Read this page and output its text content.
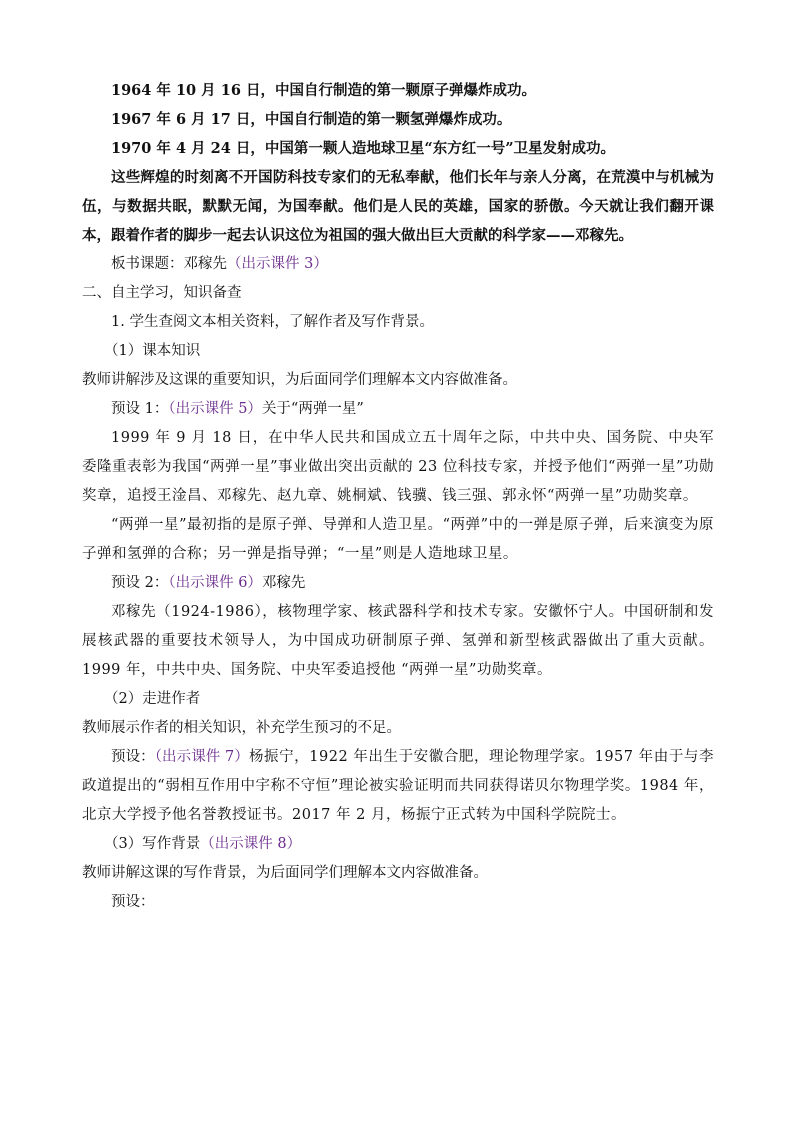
1964 年 10 月 16 日，中国自行制造的第一颗原子弹爆炸成功。

1967 年 6 月 17 日，中国自行制造的第一颗氢弹爆炸成功。

1970 年 4 月 24 日，中国第一颗人造地球卫星“东方红一号”卫星发射成功。

这些辉煌的时刻离不开国防科技专家们的无私奉献，他们长年与亲人分离，在荒漠中与机械为伍，与数据共眠，默默无闻，为国奉献。他们是人民的英雄，国家的骄傲。今天就让我们翻开课本，跟着作者的脚步一起去认识这位为祖国的强大做出巨大贡献的科学家——邓稼先。

板书课题：邓稼先（出示课件 3）

二、自主学习，知识备查

1. 学生查阅文本相关资料，了解作者及写作背景。

（1）课本知识

教师讲解涉及这课的重要知识，为后面同学们理解本文内容做准备。

预设 1：（出示课件 5）关于“两弹一星”

1999 年 9 月 18 日，在中华人民共和国成立五十周年之际，中共中央、国务院、中央军委隆重表彰为我国“两弹一星”事业做出突出贡献的 23 位科技专家，并授予他们“两弹一星”功勋奖章，追授王淦昌、邓稼先、赵九章、姚桐斌、钱骥、钱三强、郭永怀“两弹一星”功勋奖章。

“两弹一星”最初指的是原子弹、导弹和人造卫星。“两弹”中的一弹是原子弹，后来演变为原子弹和氢弹的合称；另一弹是指导弹；“一星”则是人造地球卫星。

预设 2：（出示课件 6）邓稼先

邓稼先（1924-1986），核物理学家、核武器科学和技术专家。安徽怀宁人。中国研制和发展核武器的重要技术领导人，为中国成功研制原子弹、氢弹和新型核武器做出了重大贡献。1999 年，中共中央、国务院、中央军委追授他 “两弹一星”功勋奖章。

（2）走进作者

教师展示作者的相关知识，补充学生预习的不足。

预设：（出示课件 7）杨振宁，1922 年出生于安徽合肥，理论物理学家。1957 年由于与李政道提出的“弱相互作用中宇称不守恒”理论被实验证明而共同获得诺贝尔物理学奖。1984 年，北京大学授予他名誉教授证书。2017 年 2 月，杨振宁正式转为中国科学院院士。

（3）写作背景（出示课件 8）

教师讲解这课的写作背景，为后面同学们理解本文内容做准备。

预设：
